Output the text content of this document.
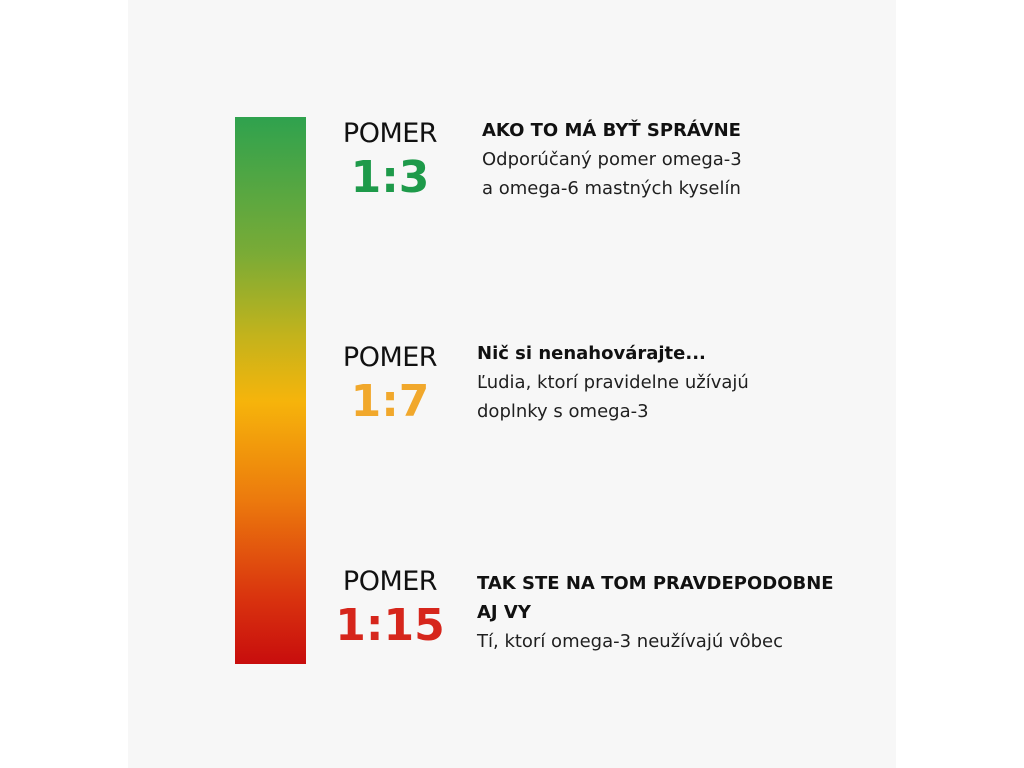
POMER
1:3
AKO TO MÁ BYŤ SPRÁVNE
Odporúčaný pomer omega-3
a omega-6 mastných kyselín
POMER
1:7
Nič si nenahovárajte...
Ľudia, ktorí pravidelne užívajú
doplnky s omega-3
POMER
1:15
TAK STE NA TOM PRAVDEPODOBNE
AJ VY
Tí, ktorí omega-3 neužívajú vôbec
